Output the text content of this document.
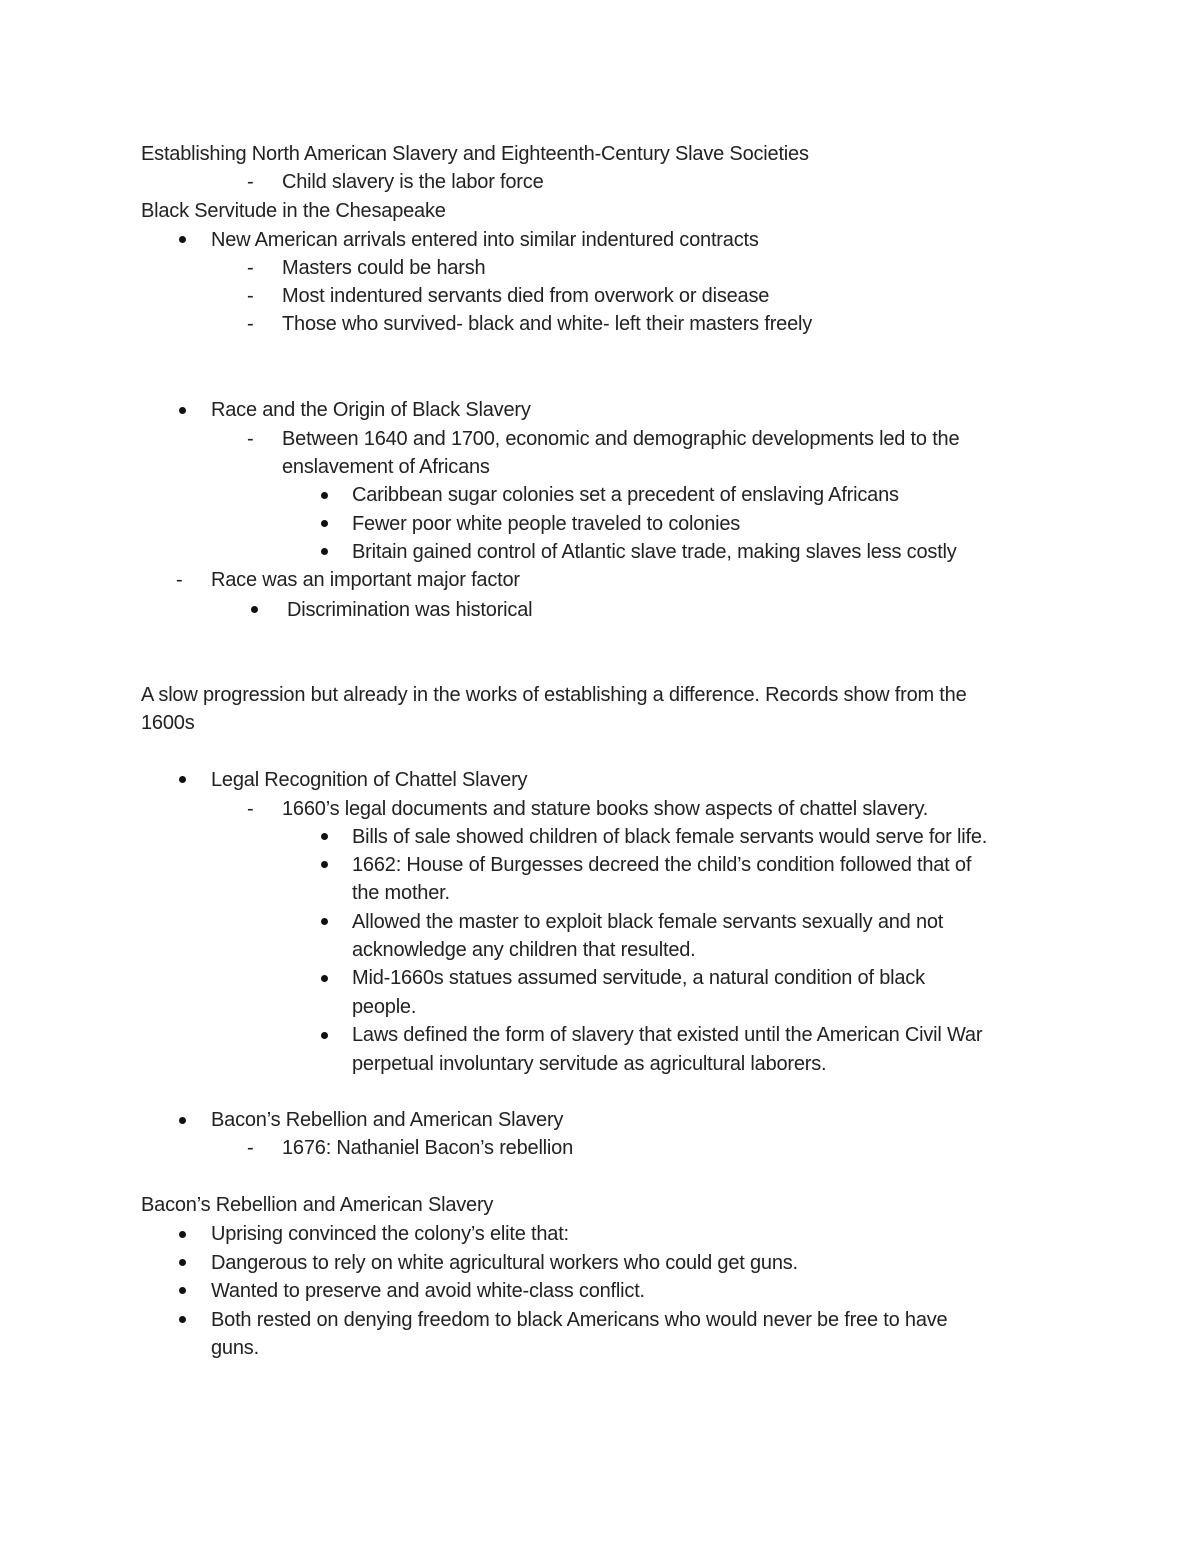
Establishing North American Slavery and Eighteenth-Century Slave Societies
- Child slavery is the labor force
Black Servitude in the Chesapeake
New American arrivals entered into similar indentured contracts
- Masters could be harsh
- Most indentured servants died from overwork or disease
- Those who survived- black and white- left their masters freely
Race and the Origin of Black Slavery
- Between 1640 and 1700, economic and demographic developments led to the
enslavement of Africans
Caribbean sugar colonies set a precedent of enslaving Africans
Fewer poor white people traveled to colonies
Britain gained control of Atlantic slave trade, making slaves less costly
- Race was an important major factor
Discrimination was historical
A slow progression but already in the works of establishing a difference. Records show from the
1600s
Legal Recognition of Chattel Slavery
- 1660’s legal documents and stature books show aspects of chattel slavery.
Bills of sale showed children of black female servants would serve for life.
1662: House of Burgesses decreed the child’s condition followed that of
the mother.
Allowed the master to exploit black female servants sexually and not
acknowledge any children that resulted.
Mid-1660s statues assumed servitude, a natural condition of black
people.
Laws defined the form of slavery that existed until the American Civil War
perpetual involuntary servitude as agricultural laborers.
Bacon’s Rebellion and American Slavery
- 1676: Nathaniel Bacon’s rebellion
Bacon’s Rebellion and American Slavery
Uprising convinced the colony’s elite that:
Dangerous to rely on white agricultural workers who could get guns.
Wanted to preserve and avoid white-class conflict.
Both rested on denying freedom to black Americans who would never be free to have
guns.
